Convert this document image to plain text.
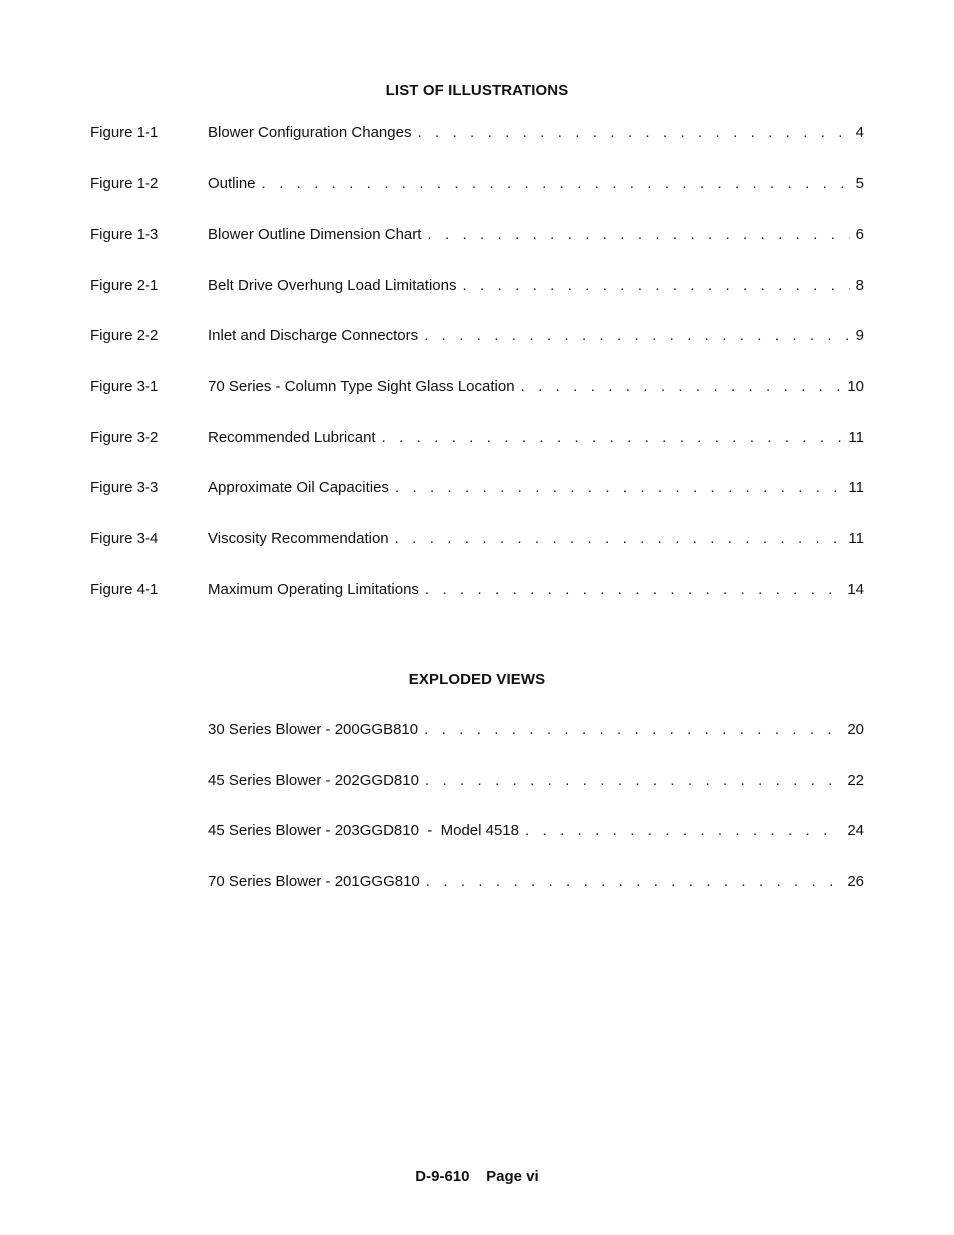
LIST OF ILLUSTRATIONS
Figure 1-1	Blower Configuration Changes . . .	4
Figure 1-2	Outline . . .	5
Figure 1-3	Blower Outline Dimension Chart . . .	6
Figure 2-1	Belt Drive Overhung Load Limitations . . .	8
Figure 2-2	Inlet and Discharge Connectors . . .	9
Figure 3-1	70 Series - Column Type Sight Glass Location . . .	10
Figure 3-2	Recommended Lubricant . . .	11
Figure 3-3	Approximate Oil Capacities . . .	11
Figure 3-4	Viscosity Recommendation . . .	11
Figure 4-1	Maximum Operating Limitations . . .	14
EXPLODED VIEWS
30 Series Blower - 200GGB810 . . .	20
45 Series Blower - 202GGD810 . . .	22
45 Series Blower - 203GGD810  -  Model 4518 . . .	24
70 Series Blower - 201GGG810 . . .	26
D-9-610    Page vi
